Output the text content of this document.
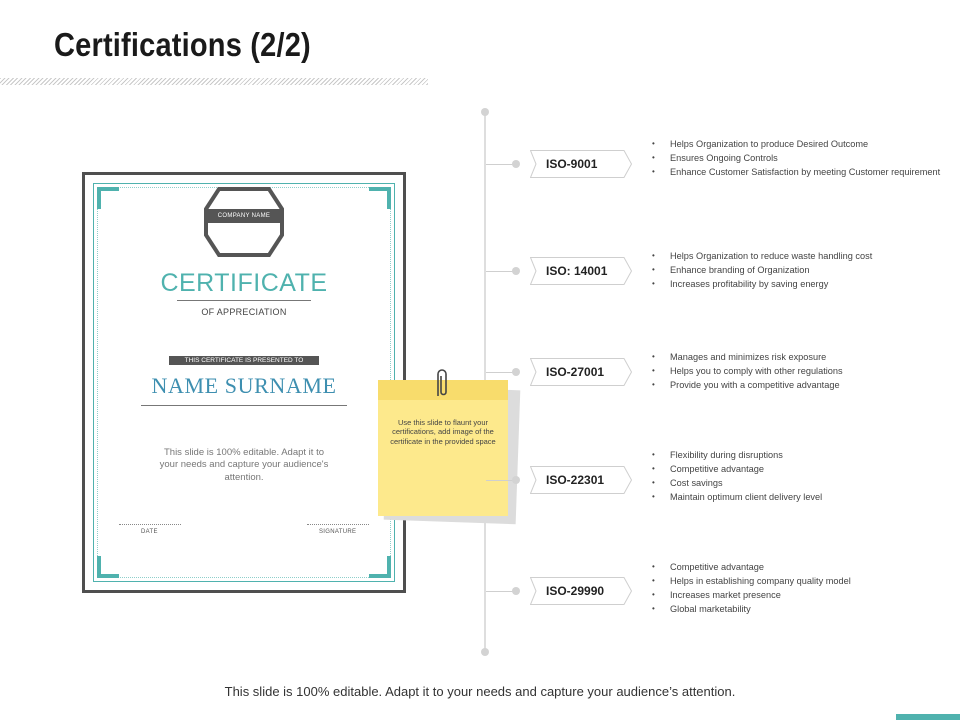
Certifications (2/2)
COMPANY NAME
CERTIFICATE
OF APPRECIATION
THIS CERTIFICATE IS PRESENTED TO
NAME SURNAME
This slide is 100% editable. Adapt it to your needs and capture your audience's attention.
DATE	SIGNATURE
Use this slide to flaunt your certifications, add image of the certificate in the provided space
ISO-9001
• Helps Organization to produce Desired Outcome
• Ensures Ongoing Controls
• Enhance Customer Satisfaction by meeting Customer requirement
ISO: 14001
• Helps Organization to reduce waste handling cost
• Enhance branding of Organization
• Increases profitability by saving energy
ISO-27001
• Manages and minimizes risk exposure
• Helps you to comply with other regulations
• Provide you with a competitive advantage
ISO-22301
• Flexibility during disruptions
• Competitive advantage
• Cost savings
• Maintain optimum client delivery level
ISO-29990
• Competitive advantage
• Helps in establishing company quality model
• Increases market presence
• Global marketability
This slide is 100% editable. Adapt it to your needs and capture your audience’s attention.
